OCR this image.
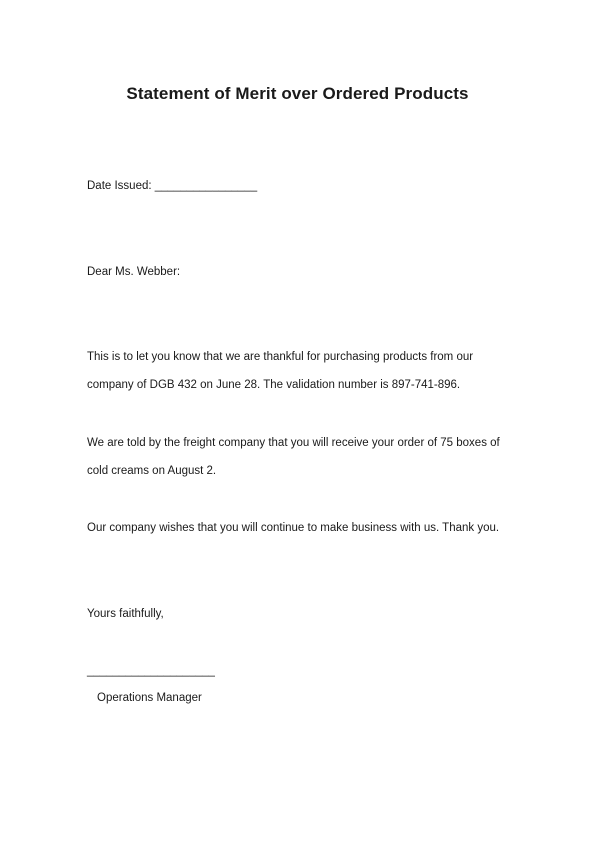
Statement of Merit over Ordered Products
Date Issued: ________________
Dear Ms. Webber:
This is to let you know that we are thankful for purchasing products from our
company of DGB 432 on June 28. The validation number is 897-741-896.
We are told by the freight company that you will receive your order of 75 boxes of
cold creams on August 2.
Our company wishes that you will continue to make business with us. Thank you.
Yours faithfully,
____________________
Operations Manager
